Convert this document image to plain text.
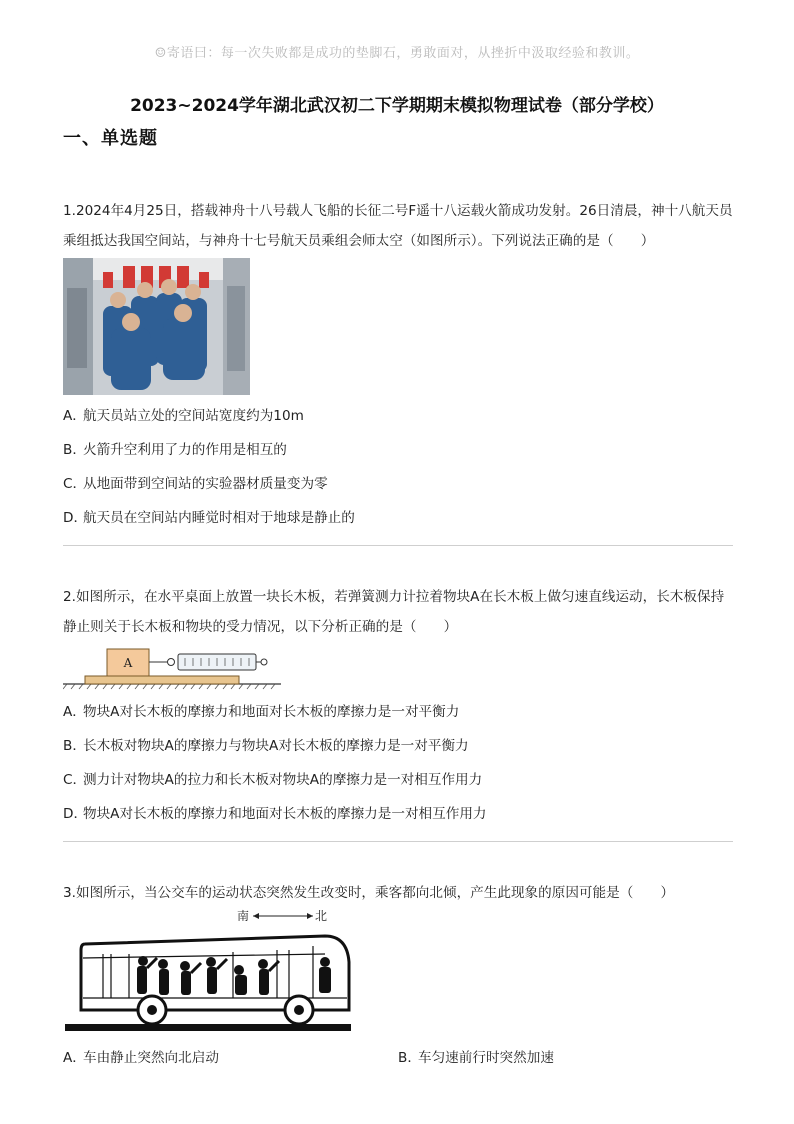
☺寄语曰：每一次失败都是成功的垫脚石，勇敢面对，从挫折中汲取经验和教训。
2023~2024学年湖北武汉初二下学期期末模拟物理试卷（部分学校）
一、单选题
1.2024年4月25日，搭载神舟十八号载人飞船的长征二号F遥十八运载火箭成功发射。26日清晨，神十八航天员乘组抵达我国空间站，与神舟十七号航天员乘组会师太空（如图所示）。下列说法正确的是（　　）
A．航天员站立处的空间站宽度约为10m
B．火箭升空利用了力的作用是相互的
C．从地面带到空间站的实验器材质量变为零
D．航天员在空间站内睡觉时相对于地球是静止的
2.如图所示，在水平桌面上放置一块长木板，若弹簧测力计拉着物块A在长木板上做匀速直线运动，长木板保持静止则关于长木板和物块的受力情况，以下分析正确的是（　　）
A
A．物块A对长木板的摩擦力和地面对长木板的摩擦力是一对平衡力
B．长木板对物块A的摩擦力与物块A对长木板的摩擦力是一对平衡力
C．测力计对物块A的拉力和长木板对物块A的摩擦力是一对相互作用力
D．物块A对长木板的摩擦力和地面对长木板的摩擦力是一对相互作用力
3.如图所示，当公交车的运动状态突然发生改变时，乘客都向北倾，产生此现象的原因可能是（　　）
南	北
A．车由静止突然向北启动	B．车匀速前行时突然加速
